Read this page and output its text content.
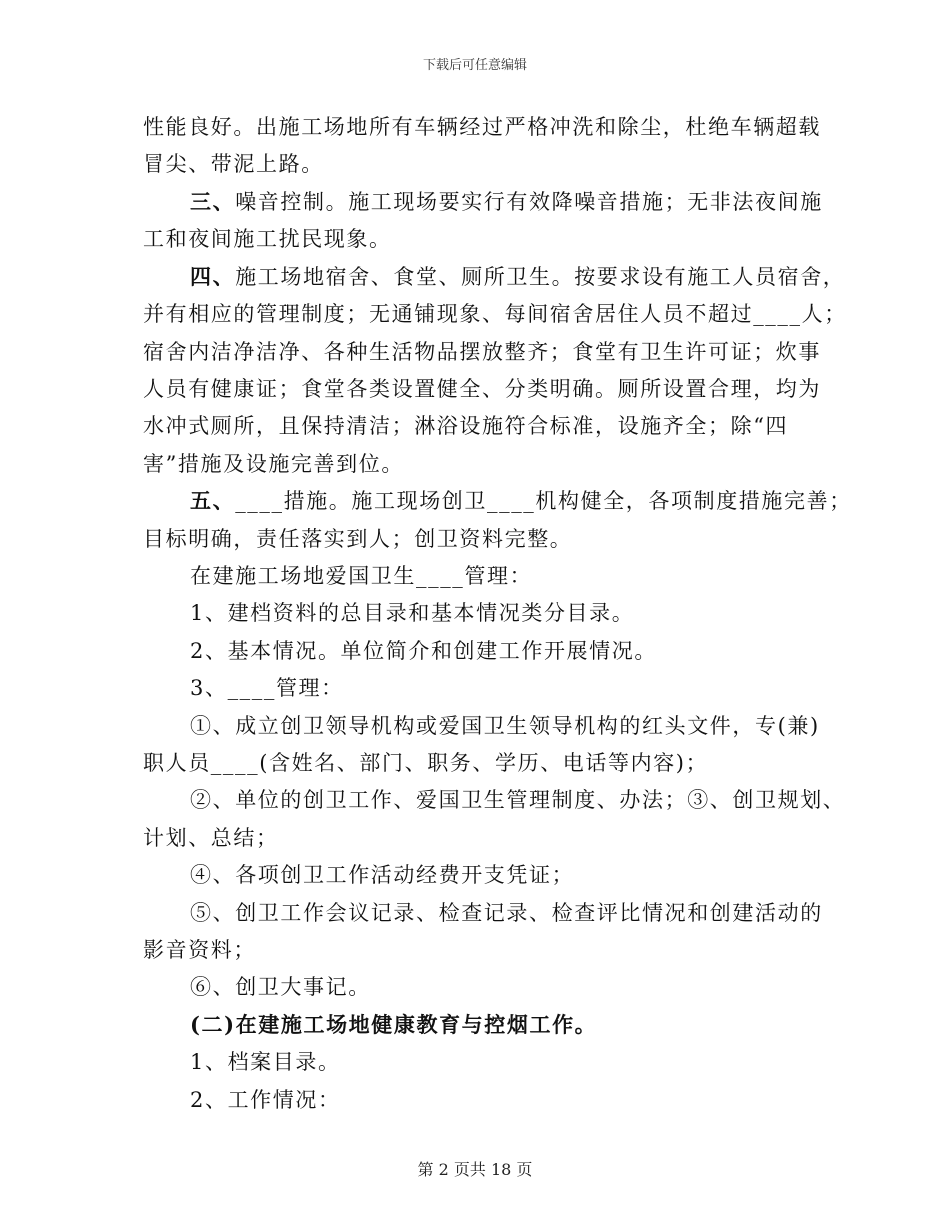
下载后可任意编辑
性能良好。出施工场地所有车辆经过严格冲洗和除尘，杜绝车辆超载
冒尖、带泥上路。
三、噪音控制。施工现场要实行有效降噪音措施；无非法夜间施
工和夜间施工扰民现象。
四、施工场地宿舍、食堂、厕所卫生。按要求设有施工人员宿舍，
并有相应的管理制度；无通铺现象、每间宿舍居住人员不超过____人；
宿舍内洁净洁净、各种生活物品摆放整齐；食堂有卫生许可证；炊事
人员有健康证；食堂各类设置健全、分类明确。厕所设置合理，均为
水冲式厕所，且保持清洁；淋浴设施符合标准，设施齐全；除“四
害”措施及设施完善到位。
五、____措施。施工现场创卫____机构健全，各项制度措施完善；
目标明确，责任落实到人；创卫资料完整。
在建施工场地爱国卫生____管理：
1、建档资料的总目录和基本情况类分目录。
2、基本情况。单位简介和创建工作开展情况。
3、____管理：
①、成立创卫领导机构或爱国卫生领导机构的红头文件，专(兼)
职人员____(含姓名、部门、职务、学历、电话等内容)；
②、单位的创卫工作、爱国卫生管理制度、办法；③、创卫规划、
计划、总结；
④、各项创卫工作活动经费开支凭证；
⑤、创卫工作会议记录、检查记录、检查评比情况和创建活动的
影音资料；
⑥、创卫大事记。
(二)在建施工场地健康教育与控烟工作。
1、档案目录。
2、工作情况：
第 2 页共 18 页
